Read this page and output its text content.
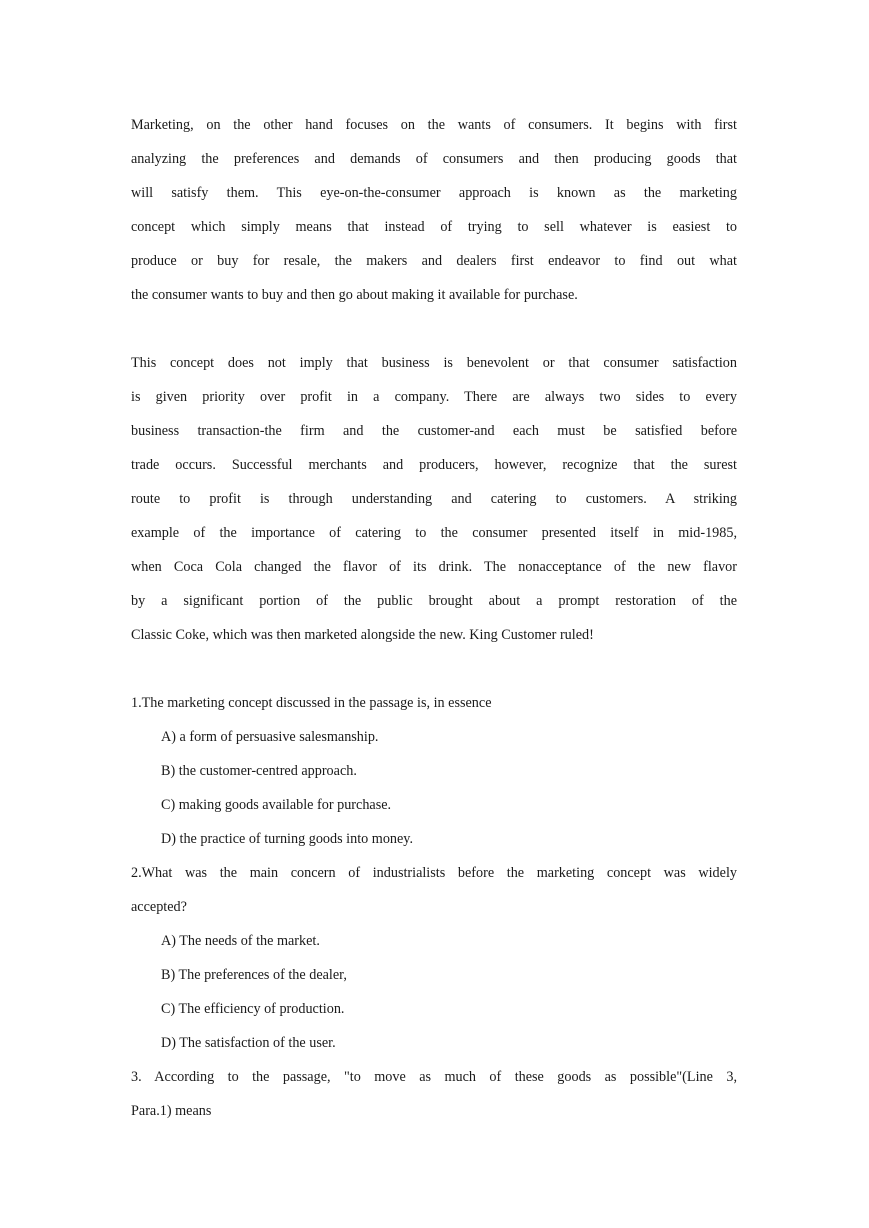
Marketing, on the other hand focuses on the wants of consumers. It begins with first
analyzing the preferences and demands of consumers and then producing goods that
will satisfy them. This eye-on-the-consumer approach is known as the marketing
concept which simply means that instead of trying to sell whatever is easiest to
produce or buy for resale, the makers and dealers first endeavor to find out what
the consumer wants to buy and then go about making it available for purchase.
This concept does not imply that business is benevolent or that consumer satisfaction
is given priority over profit in a company. There are always two sides to every
business transaction-the firm and the customer-and each must be satisfied before
trade occurs. Successful merchants and producers, however, recognize that the surest
route to profit is through understanding and catering to customers. A striking
example of the importance of catering to the consumer presented itself in mid-1985,
when Coca Cola changed the flavor of its drink. The nonacceptance of the new flavor
by a significant portion of the public brought about a prompt restoration of the
Classic Coke, which was then marketed alongside the new. King Customer ruled!
1.The marketing concept discussed in the passage is, in essence
A) a form of persuasive salesmanship.
B) the customer-centred approach.
C) making goods available for purchase.
D) the practice of turning goods into money.
2.What was the main concern of industrialists before the marketing concept was widely
accepted?
A) The needs of the market.
B) The preferences of the dealer,
C) The efficiency of production.
D) The satisfaction of the user.
3. According to the passage, "to move as much of these goods as possible"(Line 3,
Para.1) means
